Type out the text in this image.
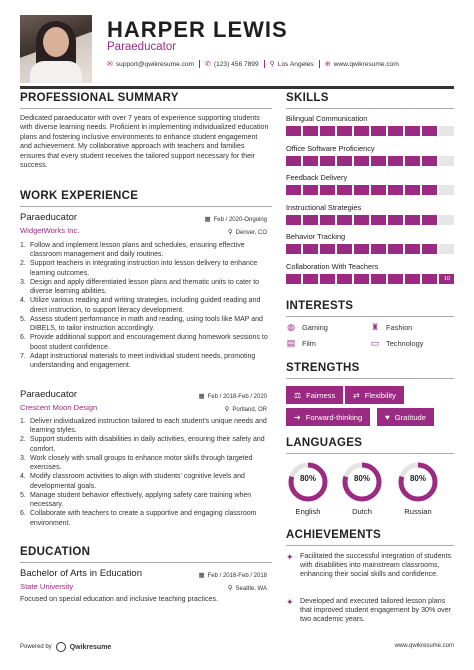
HARPER LEWIS
Paraeducator
✉ support@qwikresume.com ✆ (123) 456 7899 ⚲ Los Angeles ⊕ www.qwikresume.com
PROFESSIONAL SUMMARY
Dedicated paraeducator with over 7 years of experience supporting students with diverse learning needs. Proficient in implementing individualized education plans and fostering inclusive environments to enhance student engagement and achievement. My collaborative approach with teachers and families ensures that every student receives the tailored support necessary for their success.
WORK EXPERIENCE
Paraeducator	▦ Feb / 2020-Ongoing
WidgetWorks Inc.	⚲ Denver, CO
1. Follow and implement lesson plans and schedules, ensuring effective classroom management and daily routines.
2. Support teachers in integrating instruction into lesson delivery to enhance learning outcomes.
3. Design and apply differentiated lesson plans and thematic units to cater to diverse learning abilities.
4. Utilize various reading and writing strategies, including guided reading and direct instruction, to support literacy development.
5. Assess student performance in math and reading, using tools like MAP and DIBELS, to tailor instruction accordingly.
6. Provide additional support and encouragement during homework sessions to boost student confidence.
7. Adapt instructional materials to meet individual student needs, promoting understanding and engagement.
Paraeducator	▦ Feb / 2018-Feb / 2020
Crescent Moon Design	⚲ Portland, OR
1. Deliver individualized instruction tailored to each student's unique needs and learning styles.
2. Support students with disabilities in daily activities, ensuring their safety and comfort.
3. Work closely with small groups to enhance motor skills through targeted exercises.
4. Modify classroom activities to align with students' cognitive levels and developmental goals.
5. Manage student behavior effectively, applying safety care training when necessary.
6. Collaborate with teachers to create a supportive and engaging classroom environment.
EDUCATION
Bachelor of Arts in Education	▦ Feb / 2016-Feb / 2018
State University	⚲ Seattle, WA
Focused on special education and inclusive teaching practices.
SKILLS
Bilingual Communication
Office Software Proficiency
Feedback Delivery
Instructional Strategies
Behavior Tracking
Collaboration With Teachers
10
INTERESTS
◍ Gaming	♜ Fashion
▤ Film	▭ Technology
STRENGTHS
⚖ Fairness ⇄ Flexibility
➜ Forward-thinking	♥ Gratitude
LANGUAGES
80%
English
80%
Dutch
80%
Russian
ACHIEVEMENTS
✦ Facilitated the successful integration of students with disabilities into mainstream classrooms, enhancing their social skills and confidence.
✦ Developed and executed tailored lesson plans that improved student engagement by 30% over two academic years.
Powered by	Qwikresume	www.qwikresume.com
